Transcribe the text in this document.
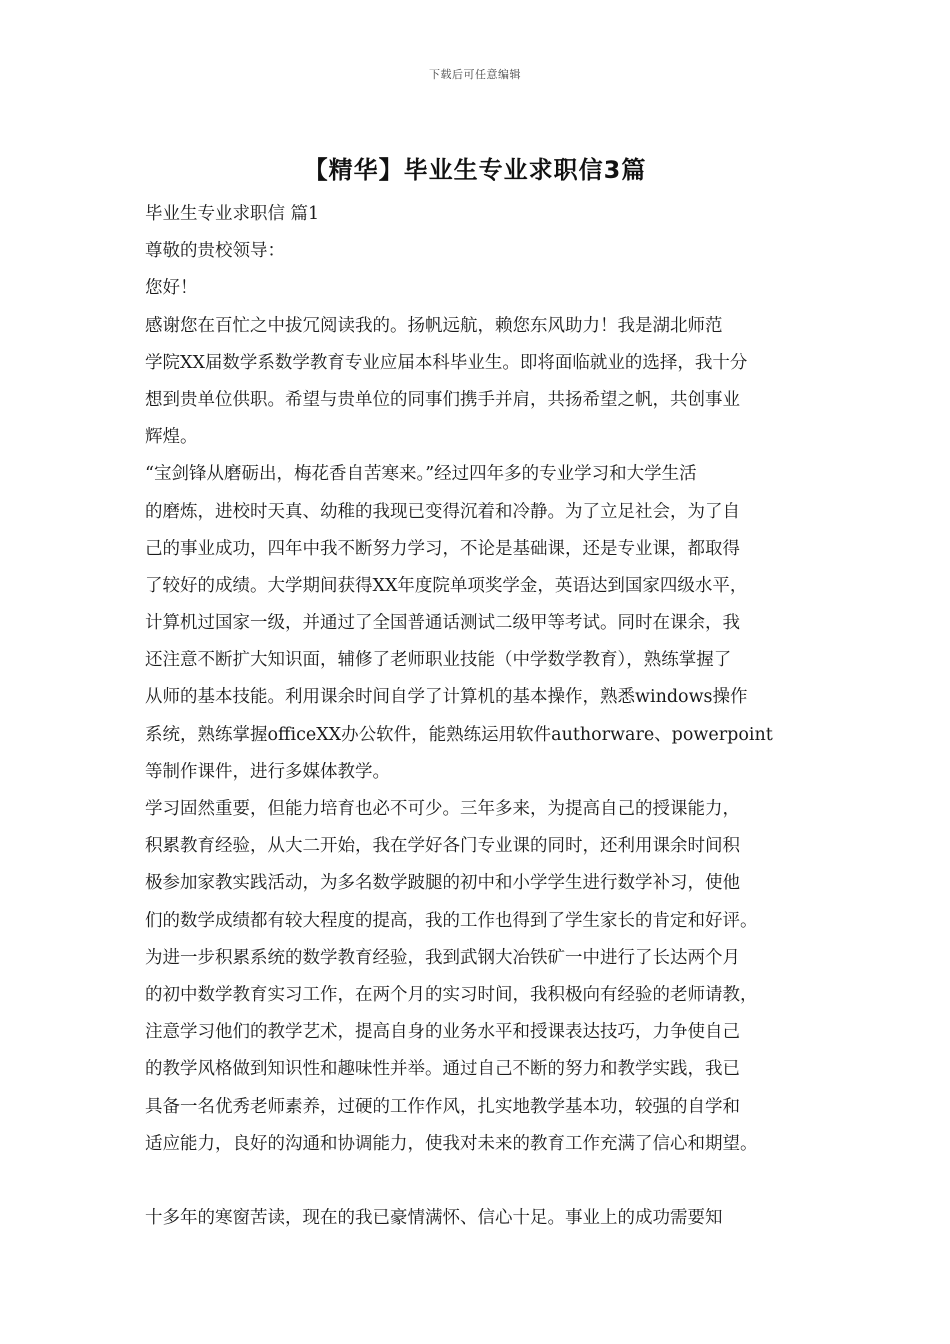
下载后可任意编辑
【精华】毕业生专业求职信3篇
毕业生专业求职信 篇1
尊敬的贵校领导：
您好！
感谢您在百忙之中拔冗阅读我的。扬帆远航，赖您东风助力！我是湖北师范
学院XX届数学系数学教育专业应届本科毕业生。即将面临就业的选择，我十分
想到贵单位供职。希望与贵单位的同事们携手并肩，共扬希望之帆，共创事业
辉煌。
“宝剑锋从磨砺出，梅花香自苦寒来。”经过四年多的专业学习和大学生活
的磨炼，进校时天真、幼稚的我现已变得沉着和冷静。为了立足社会，为了自
己的事业成功，四年中我不断努力学习，不论是基础课，还是专业课，都取得
了较好的成绩。大学期间获得XX年度院单项奖学金，英语达到国家四级水平，
计算机过国家一级，并通过了全国普通话测试二级甲等考试。同时在课余，我
还注意不断扩大知识面，辅修了老师职业技能（中学数学教育），熟练掌握了
从师的基本技能。利用课余时间自学了计算机的基本操作，熟悉windows操作
系统，熟练掌握officeXX办公软件，能熟练运用软件authorware、powerpoint
等制作课件，进行多媒体教学。
学习固然重要，但能力培育也必不可少。三年多来，为提高自己的授课能力，
积累教育经验，从大二开始，我在学好各门专业课的同时，还利用课余时间积
极参加家教实践活动，为多名数学跛腿的初中和小学学生进行数学补习，使他
们的数学成绩都有较大程度的提高，我的工作也得到了学生家长的肯定和好评。
为进一步积累系统的数学教育经验，我到武钢大冶铁矿一中进行了长达两个月
的初中数学教育实习工作，在两个月的实习时间，我积极向有经验的老师请教，
注意学习他们的教学艺术，提高自身的业务水平和授课表达技巧，力争使自己
的教学风格做到知识性和趣味性并举。通过自己不断的努力和教学实践，我已
具备一名优秀老师素养，过硬的工作作风，扎实地教学基本功，较强的自学和
适应能力，良好的沟通和协调能力，使我对未来的教育工作充满了信心和期望。
十多年的寒窗苦读，现在的我已豪情满怀、信心十足。事业上的成功需要知
